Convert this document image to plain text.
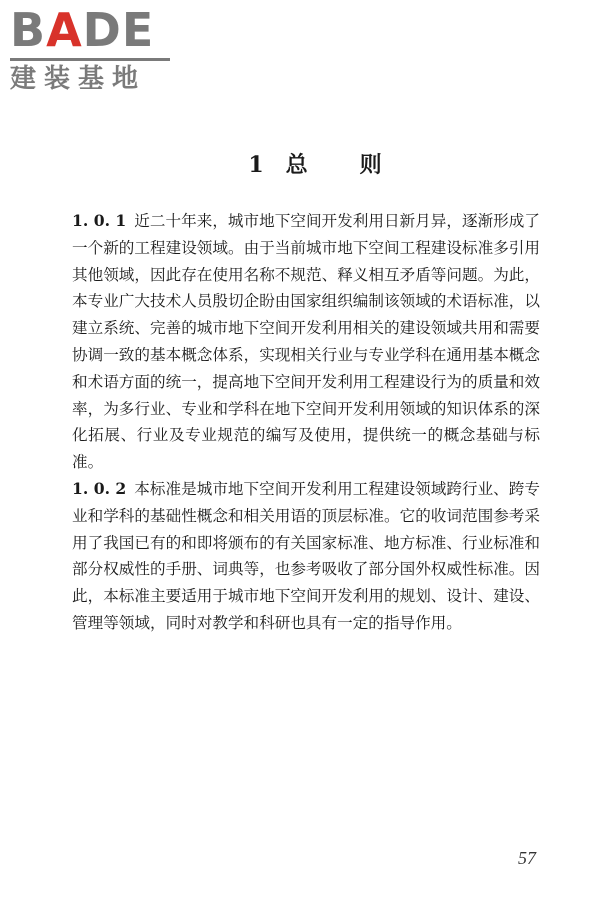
BADE
建装基地
1 总 则

1. 0. 1 近二十年来，城市地下空间开发利用日新月异，逐渐形成了一个新的工程建设领域。由于当前城市地下空间工程建设标准多引用其他领域，因此存在使用名称不规范、释义相互矛盾等问题。为此，本专业广大技术人员殷切企盼由国家组织编制该领域的术语标准，以建立系统、完善的城市地下空间开发利用相关的建设领域共用和需要协调一致的基本概念体系，实现相关行业与专业学科在通用基本概念和术语方面的统一，提高地下空间开发利用工程建设行为的质量和效率，为多行业、专业和学科在地下空间开发利用领域的知识体系的深化拓展、行业及专业规范的编写及使用，提供统一的概念基础与标准。

1. 0. 2 本标准是城市地下空间开发利用工程建设领域跨行业、跨专业和学科的基础性概念和相关用语的顶层标准。它的收词范围参考采用了我国已有的和即将颁布的有关国家标准、地方标准、行业标准和部分权威性的手册、词典等，也参考吸收了部分国外权威性标准。因此，本标准主要适用于城市地下空间开发利用的规划、设计、建设、管理等领域，同时对教学和科研也具有一定的指导作用。

57
